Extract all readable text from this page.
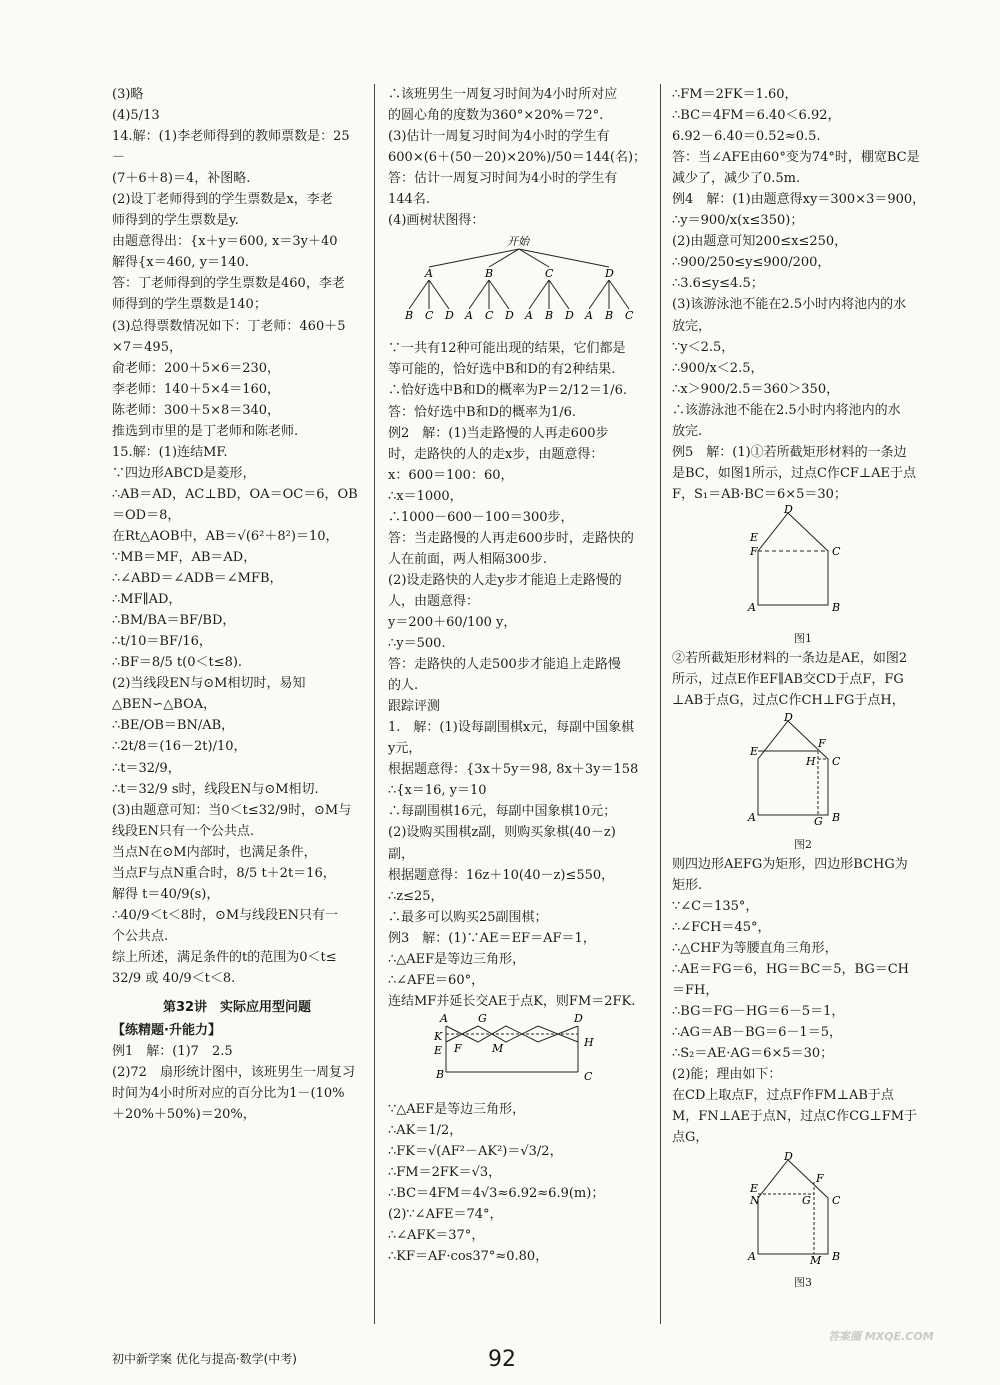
(3)略
(4)5/13
14.解：(1)李老师得到的教师票数是：25－
(7＋6＋8)＝4，补图略.
(2)设丁老师得到的学生票数是x，李老
师得到的学生票数是y.
由题意得出：{x＋y＝600, x＝3y＋40
解得{x＝460, y＝140.
答：丁老师得到的学生票数是460，李老
师得到的学生票数是140；
(3)总得票数情况如下：丁老师：460＋5
×7＝495，
俞老师：200＋5×6＝230，
李老师：140＋5×4＝160，
陈老师：300＋5×8＝340，
推选到市里的是丁老师和陈老师.
15.解：(1)连结MF.
∵四边形ABCD是菱形，
∴AB＝AD，AC⊥BD，OA＝OC＝6，OB
＝OD＝8，
在Rt△AOB中，AB＝√(6²＋8²)＝10，
∵MB＝MF，AB＝AD，
∴∠ABD＝∠ADB＝∠MFB，
∴MF∥AD，
∴BM/BA＝BF/BD，
∴t/10＝BF/16，
∴BF＝8/5 t(0＜t≤8).
(2)当线段EN与⊙M相切时，易知
△BEN∽△BOA，
∴BE/OB＝BN/AB，
∴2t/8＝(16－2t)/10，
∴t＝32/9，
∴t＝32/9 s时，线段EN与⊙M相切.
(3)由题意可知：当0＜t≤32/9时，⊙M与
线段EN只有一个公共点.
当点N在⊙M内部时，也满足条件，
当点F与点N重合时，8/5 t＋2t＝16，
解得 t＝40/9(s)，
∴40/9＜t＜8时，⊙M与线段EN只有一
个公共点.
综上所述，满足条件的t的范围为0＜t≤
32/9 或 40/9＜t＜8.
第32讲　实际应用型问题
【练精题·升能力】
例1　解：(1)7　2.5
(2)72　扇形统计图中，该班男生一周复习
时间为4小时所对应的百分比为1－(10%
＋20%＋50%)＝20%，
∴该班男生一周复习时间为4小时所对应
的圆心角的度数为360°×20%＝72°.
(3)估计一周复习时间为4小时的学生有
600×(6＋(50－20)×20%)/50＝144(名)；
答：估计一周复习时间为4小时的学生有
144名.
(4)画树状图得：
开始
A	B	C	D
B C D A C D A B D A B C
∵一共有12种可能出现的结果，它们都是
等可能的，恰好选中B和D的有2种结果.
∴恰好选中B和D的概率为P＝2/12＝1/6.
答：恰好选中B和D的概率为1/6.
例2　解：(1)当走路慢的人再走600步
时，走路快的人的走x步，由题意得：
x：600＝100：60，
∴x＝1000，
∴1000－600－100＝300步，
答：当走路慢的人再走600步时，走路快的
人在前面，两人相隔300步.
(2)设走路快的人走y步才能追上走路慢的
人，由题意得：
y＝200＋60/100 y，
∴y＝500.
答：走路快的人走500步才能追上走路慢
的人.
跟踪评测
1.　解：(1)设每副围棋x元，每副中国象棋
y元，
根据题意得：{3x＋5y＝98, 8x＋3y＝158
∴{x＝16, y＝10
∴每副围棋16元，每副中国象棋10元；
(2)设购买围棋z副，则购买象棋(40－z)
副，
根据题意得：16z＋10(40－z)≤550，
∴z≤25，
∴最多可以购买25副围棋；
例3　解：(1)∵AE＝EF＝AF＝1，
∴△AEF是等边三角形，
∴∠AFE＝60°，
连结MF并延长交AE于点K，则FM＝2FK.
A	G	D
K
E F	M	H
B	C
∵△AEF是等边三角形，
∴AK＝1/2，
∴FK＝√(AF²－AK²)＝√3/2，
∴FM＝2FK＝√3，
∴BC＝4FM＝4√3≈6.92≈6.9(m)；
(2)∵∠AFE＝74°，
∴∠AFK＝37°，
∴KF＝AF·cos37°≈0.80，
∴FM＝2FK＝1.60，
∴BC＝4FM＝6.40＜6.92，
6.92－6.40＝0.52≈0.5.
答：当∠AFE由60°变为74°时，棚宽BC是
减少了，减少了0.5m.
例4　解：(1)由题意得xy＝300×3＝900，
∴y＝900/x(x≤350)；
(2)由题意可知200≤x≤250，
∴900/250≤y≤900/200，
∴3.6≤y≤4.5；
(3)该游泳池不能在2.5小时内将池内的水
放完，
∵y＜2.5，
∴900/x＜2.5，
∴x＞900/2.5＝360＞350，
∴该游泳池不能在2.5小时内将池内的水
放完.
例5　解：(1)①若所截矩形材料的一条边
是BC，如图1所示，过点C作CF⊥AE于点
F，S₁＝AB·BC＝6×5＝30；
D
E
F	C
A	B
图1
②若所截矩形材料的一条边是AE，如图2
所示，过点E作EF∥AB交CD于点F，FG
⊥AB于点G，过点C作CH⊥FG于点H，
D
E
F
H C
A	G B
图2
则四边形AEFG为矩形，四边形BCHG为
矩形.
∵∠C＝135°，
∴∠FCH＝45°，
∴△CHF为等腰直角三角形，
∴AE＝FG＝6，HG＝BC＝5，BG＝CH
＝FH，
∴BG＝FG－HG＝6－5＝1，
∴AG＝AB－BG＝6－1＝5，
∴S₂＝AE·AG＝6×5＝30；
(2)能；理由如下：
在CD上取点F，过点F作FM⊥AB于点
M，FN⊥AE于点N，过点C作CG⊥FM于
点G，
D
E
N
F
G C
A	M B
图3
初中新学案 优化与提高·数学(中考)	92
答案圈 MXQE.COM
